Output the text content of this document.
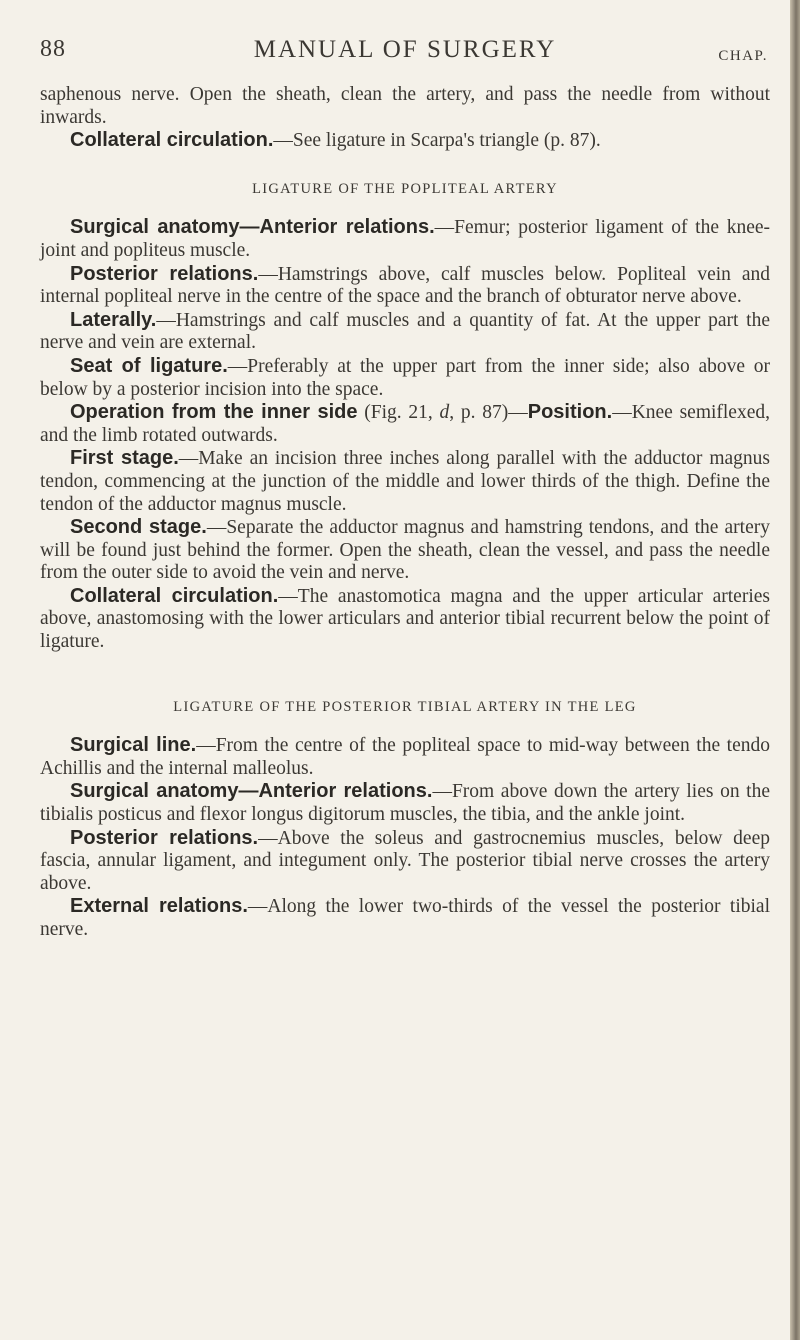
88	MANUAL OF SURGERY	CHAP.

saphenous nerve. Open the sheath, clean the artery, and pass the needle from without inwards.

Collateral circulation.—See ligature in Scarpa's triangle (p. 87).

LIGATURE OF THE POPLITEAL ARTERY

Surgical anatomy—Anterior relations.—Femur; posterior ligament of the knee-joint and popliteus muscle.

Posterior relations.—Hamstrings above, calf muscles below. Popliteal vein and internal popliteal nerve in the centre of the space and the branch of obturator nerve above.

Laterally.—Hamstrings and calf muscles and a quantity of fat. At the upper part the nerve and vein are external.

Seat of ligature.—Preferably at the upper part from the inner side; also above or below by a posterior incision into the space.

Operation from the inner side (Fig. 21, d, p. 87)—Position.—Knee semiflexed, and the limb rotated outwards.

First stage.—Make an incision three inches along parallel with the adductor magnus tendon, commencing at the junction of the middle and lower thirds of the thigh. Define the tendon of the adductor magnus muscle.

Second stage.—Separate the adductor magnus and hamstring tendons, and the artery will be found just behind the former. Open the sheath, clean the vessel, and pass the needle from the outer side to avoid the vein and nerve.

Collateral circulation.—The anastomotica magna and the upper articular arteries above, anastomosing with the lower articulars and anterior tibial recurrent below the point of ligature.

LIGATURE OF THE POSTERIOR TIBIAL ARTERY IN THE LEG

Surgical line.—From the centre of the popliteal space to mid-way between the tendo Achillis and the internal malleolus.

Surgical anatomy—Anterior relations.—From above down the artery lies on the tibialis posticus and flexor longus digitorum muscles, the tibia, and the ankle joint.

Posterior relations.—Above the soleus and gastrocnemius muscles, below deep fascia, annular ligament, and integument only. The posterior tibial nerve crosses the artery above.

External relations.—Along the lower two-thirds of the vessel the posterior tibial nerve.
